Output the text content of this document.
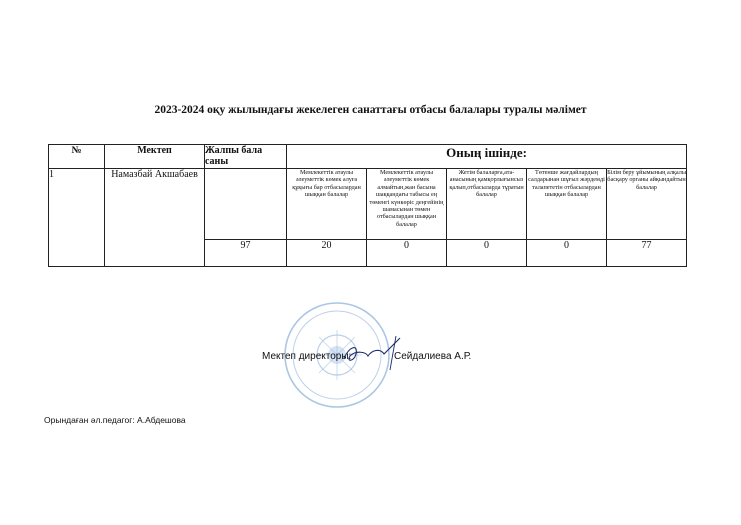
2023-2024 оқу жылындағы жекелеген санаттағы отбасы балалары туралы мәлімет
№	Мектеп	Жалпы бала саны	Оның ішінде:				

1	Намазбай Акшабаев		Мемлекеттік атаулы әлеуметтік көмек алуға құқығы бар отбасылардан шыққан балалар	Мемлекеттік атаулы әлеуметтік көмек алмайтын,жан басына шаққандағы табысы ең төменгі күнкөріс деңгейінің шамасынан төмен отбасылардан шыққан балалар	Жетім балаларға,ата-анасының қамқорлығынсыз қалып,отбасыларда тұратын балалар	Төтенше жағдайлардың салдарынан шұғыл жәрдемді талапететін отбасылардан шыққан балалар	Білім беру ұйымының алқалы басқару органы айқындайтын балалар
		97	20	0	0	0	77
Мектеп директоры:	Сейдалиева А.Р.
Орындаған әл.педагог: А.Абдешова
